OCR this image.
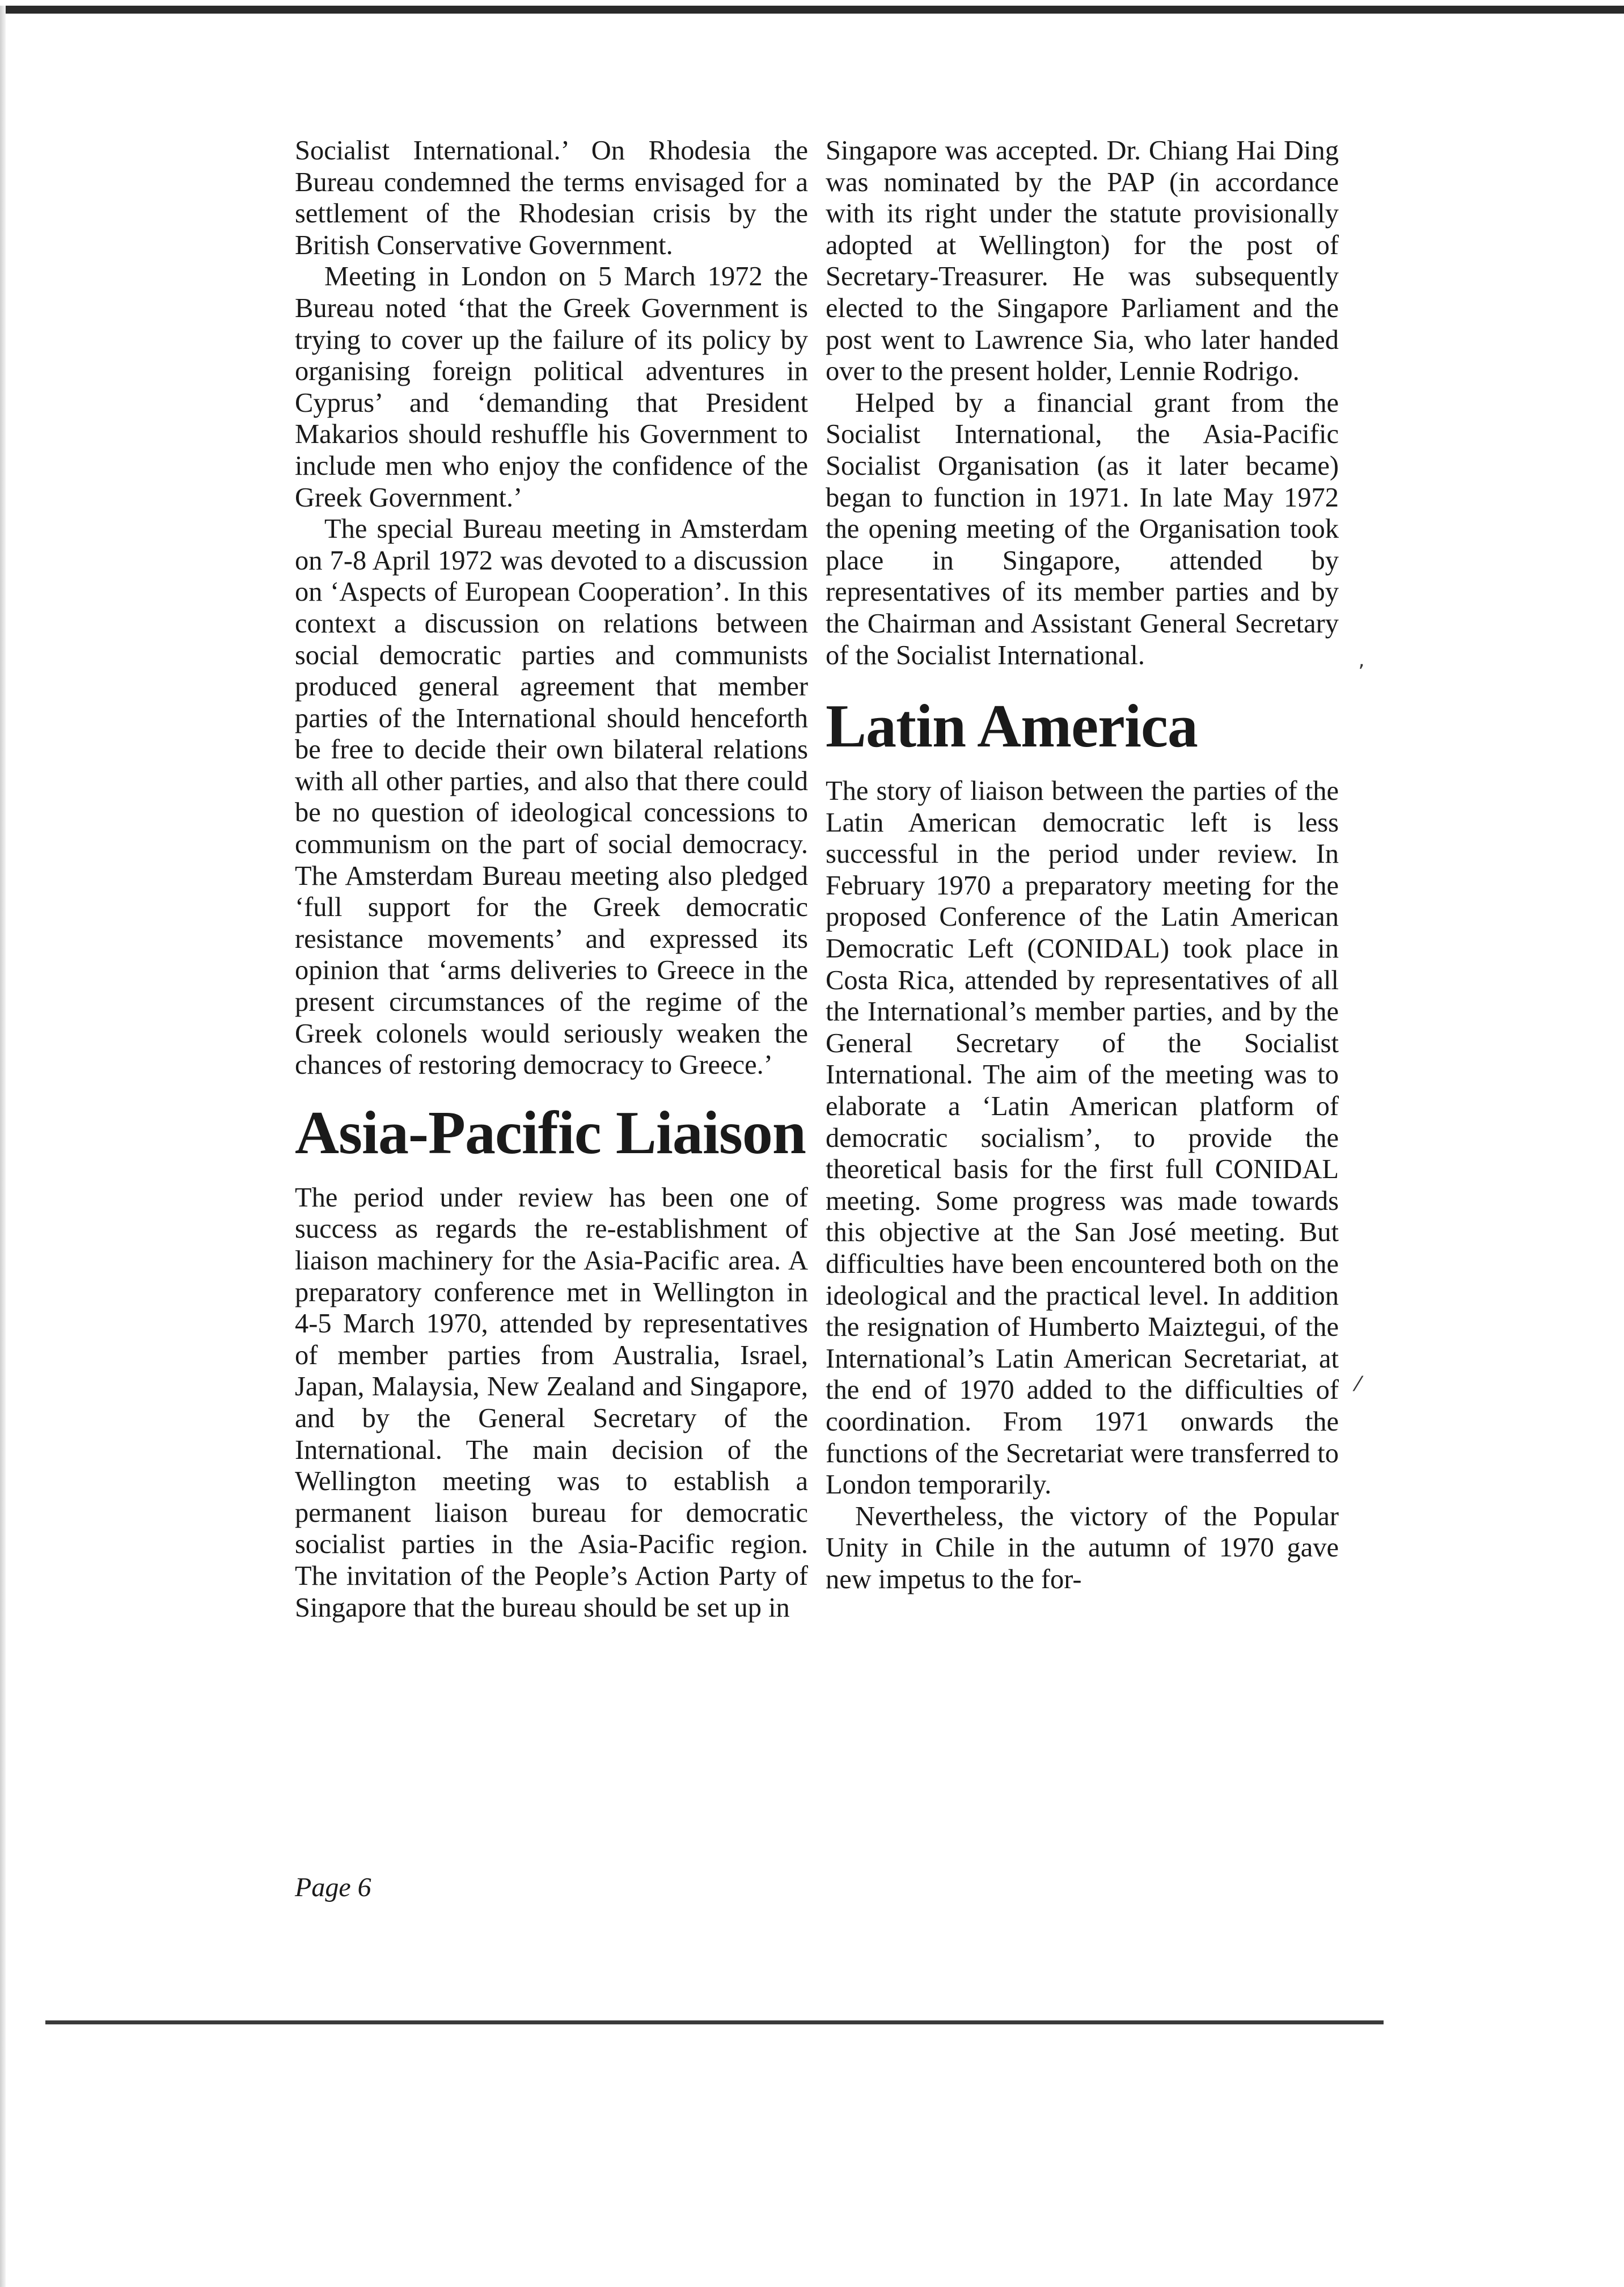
Socialist International.’ On Rhodesia the Bureau condemned the terms envisaged for a settlement of the Rhodesian crisis by the British Conservative Government.

Meeting in London on 5 March 1972 the Bureau noted ‘that the Greek Government is trying to cover up the failure of its policy by organising foreign political adventures in Cyprus’ and ‘demanding that President Makarios should reshuffle his Government to include men who enjoy the confidence of the Greek Government.’

The special Bureau meeting in Amsterdam on 7-8 April 1972 was devoted to a discussion on ‘Aspects of European Cooperation’. In this context a discussion on relations between social democratic parties and communists produced general agreement that member parties of the International should henceforth be free to decide their own bilateral relations with all other parties, and also that there could be no question of ideological concessions to communism on the part of social democracy. The Amsterdam Bureau meeting also pledged ‘full support for the Greek democratic resistance movements’ and expressed its opinion that ‘arms deliveries to Greece in the present circumstances of the regime of the Greek colonels would seriously weaken the chances of restoring democracy to Greece.’

Asia-Pacific Liaison

The period under review has been one of success as regards the re-establishment of liaison machinery for the Asia-Pacific area. A preparatory conference met in Wellington in 4-5 March 1970, attended by representatives of member parties from Australia, Israel, Japan, Malaysia, New Zealand and Singapore, and by the General Secretary of the International. The main decision of the Wellington meeting was to establish a permanent liaison bureau for democratic socialist parties in the Asia-Pacific region. The invitation of the People’s Action Party of Singapore that the bureau should be set up in

Singapore was accepted. Dr. Chiang Hai Ding was nominated by the PAP (in accordance with its right under the statute provisionally adopted at Wellington) for the post of Secretary-Treasurer. He was subsequently elected to the Singapore Parliament and the post went to Lawrence Sia, who later handed over to the present holder, Lennie Rodrigo.

Helped by a financial grant from the Socialist International, the Asia-Pacific Socialist Organisation (as it later became) began to function in 1971. In late May 1972 the opening meeting of the Organisation took place in Singapore, attended by representatives of its member parties and by the Chairman and Assistant General Secretary of the Socialist International.

Latin America

The story of liaison between the parties of the Latin American democratic left is less successful in the period under review. In February 1970 a preparatory meeting for the proposed Conference of the Latin American Democratic Left (CONIDAL) took place in Costa Rica, attended by representatives of all the International’s member parties, and by the General Secretary of the Socialist International. The aim of the meeting was to elaborate a ‘Latin American platform of democratic socialism’, to provide the theoretical basis for the first full CONIDAL meeting. Some progress was made towards this objective at the San José meeting. But difficulties have been encountered both on the ideological and the practical level. In addition the resignation of Humberto Maiztegui, of the International’s Latin American Secretariat, at the end of 1970 added to the difficulties of coordination. From 1971 onwards the functions of the Secretariat were transferred to London temporarily.

Nevertheless, the victory of the Popular Unity in Chile in the autumn of 1970 gave new impetus to the for-

Page 6
’
⁄
